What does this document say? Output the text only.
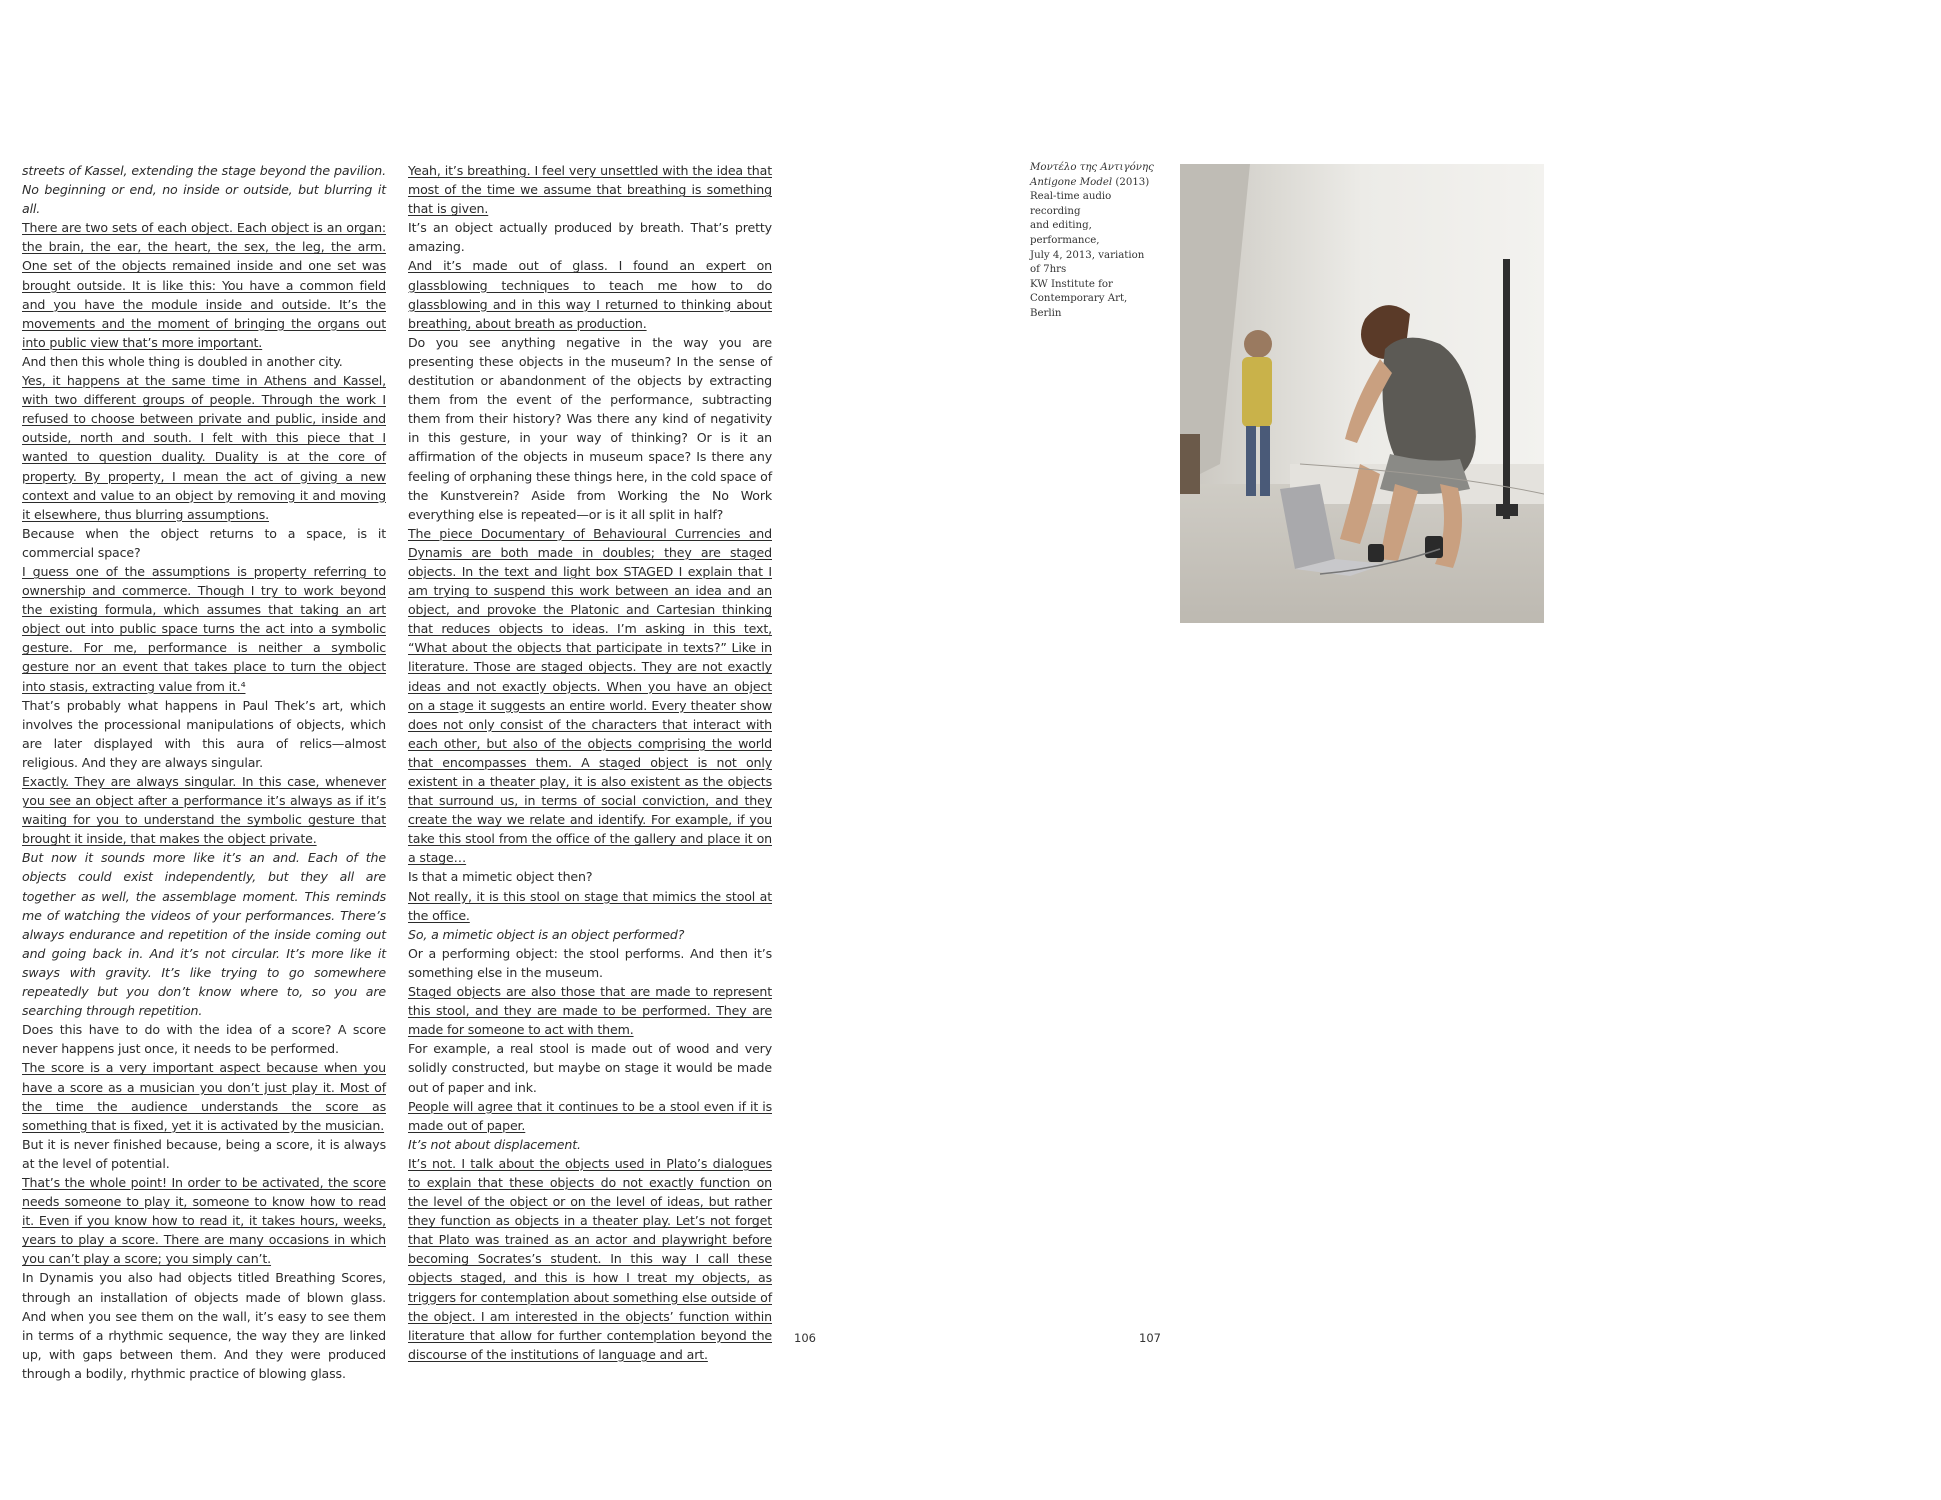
streets of Kassel, extending the stage beyond the pavilion. No beginning or end, no inside or outside, but blurring it all.

There are two sets of each object. Each object is an organ: the brain, the ear, the heart, the sex, the leg, the arm. One set of the objects remained inside and one set was brought outside. It is like this: You have a common field and you have the module inside and outside. It’s the movements and the moment of bringing the organs out into public view that’s more important.

And then this whole thing is doubled in another city.

Yes, it happens at the same time in Athens and Kassel, with two different groups of people. Through the work I refused to choose between private and public, inside and outside, north and south. I felt with this piece that I wanted to question duality. Duality is at the core of property. By property, I mean the act of giving a new context and value to an object by removing it and moving it elsewhere, thus blurring assumptions.

Because when the object returns to a space, is it commercial space?

I guess one of the assumptions is property referring to ownership and commerce. Though I try to work beyond the existing formula, which assumes that taking an art object out into public space turns the act into a symbolic gesture. For me, performance is neither a symbolic gesture nor an event that takes place to turn the object into stasis, extracting value from it.⁴

That’s probably what happens in Paul Thek’s art, which involves the processional manipulations of objects, which are later displayed with this aura of relics—almost religious. And they are always singular.

Exactly. They are always singular. In this case, whenever you see an object after a performance it’s always as if it’s waiting for you to understand the symbolic gesture that brought it inside, that makes the object private.

But now it sounds more like it’s an and. Each of the objects could exist independently, but they all are together as well, the assemblage moment. This reminds me of watching the videos of your performances. There’s always endurance and repetition of the inside coming out and going back in. And it’s not circular. It’s more like it sways with gravity. It’s like trying to go somewhere repeatedly but you don’t know where to, so you are searching through repetition.

Does this have to do with the idea of a score? A score never happens just once, it needs to be performed.

The score is a very important aspect because when you have a score as a musician you don’t just play it. Most of the time the audience understands the score as something that is fixed, yet it is activated by the musician.

But it is never finished because, being a score, it is always at the level of potential.

That’s the whole point! In order to be activated, the score needs someone to play it, someone to know how to read it. Even if you know how to read it, it takes hours, weeks, years to play a score. There are many occasions in which you can’t play a score; you simply can’t.

In Dynamis you also had objects titled Breathing Scores, through an installation of objects made of blown glass. And when you see them on the wall, it’s easy to see them in terms of a rhythmic sequence, the way they are linked up, with gaps between them. And they were produced through a bodily, rhythmic practice of blowing glass.

Yeah, it’s breathing. I feel very unsettled with the idea that most of the time we assume that breathing is something that is given.

It’s an object actually produced by breath. That’s pretty amazing.

And it’s made out of glass. I found an expert on glassblowing techniques to teach me how to do glassblowing and in this way I returned to thinking about breathing, about breath as production.

Do you see anything negative in the way you are presenting these objects in the museum? In the sense of destitution or abandonment of the objects by extracting them from the event of the performance, subtracting them from their history? Was there any kind of negativity in this gesture, in your way of thinking? Or is it an affirmation of the objects in museum space? Is there any feeling of orphaning these things here, in the cold space of the Kunstverein? Aside from Working the No Work everything else is repeated—or is it all split in half?

The piece Documentary of Behavioural Currencies and Dynamis are both made in doubles; they are staged objects. In the text and light box STAGED I explain that I am trying to suspend this work between an idea and an object, and provoke the Platonic and Cartesian thinking that reduces objects to ideas. I’m asking in this text, “What about the objects that participate in texts?” Like in literature. Those are staged objects. They are not exactly ideas and not exactly objects. When you have an object on a stage it suggests an entire world. Every theater show does not only consist of the characters that interact with each other, but also of the objects comprising the world that encompasses them. A staged object is not only existent in a theater play, it is also existent as the objects that surround us, in terms of social conviction, and they create the way we relate and identify. For example, if you take this stool from the office of the gallery and place it on a stage…

Is that a mimetic object then?

Not really, it is this stool on stage that mimics the stool at the office.

So, a mimetic object is an object performed?

Or a performing object: the stool performs. And then it’s something else in the museum.

Staged objects are also those that are made to represent this stool, and they are made to be performed. They are made for someone to act with them.

For example, a real stool is made out of wood and very solidly constructed, but maybe on stage it would be made out of paper and ink.

People will agree that it continues to be a stool even if it is made out of paper.

It’s not about displacement.

It’s not. I talk about the objects used in Plato’s dialogues to explain that these objects do not exactly function on the level of the object or on the level of ideas, but rather they function as objects in a theater play. Let’s not forget that Plato was trained as an actor and playwright before becoming Socrates’s student. In this way I call these objects staged, and this is how I treat my objects, as triggers for contemplation about something else outside of the object. I am interested in the objects’ function within literature that allow for further contemplation beyond the discourse of the institutions of language and art.

Μοντέλο της Αντιγόνης
Antigone Model (2013)
Real-time audio recording
and editing, performance,
July 4, 2013, variation
of 7hrs
KW Institute for
Contemporary Art, Berlin
106	107
